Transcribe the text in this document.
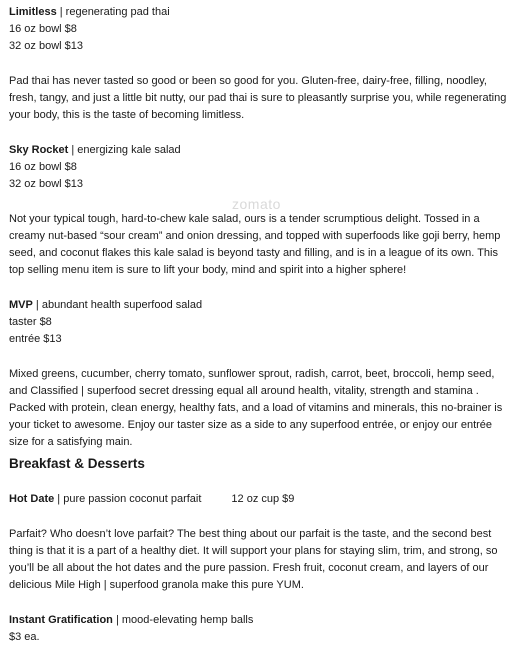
zomato
Limitless | regenerating pad thai
16 oz bowl $8
32 oz bowl $13

Pad thai has never tasted so good or been so good for you. Gluten-free, dairy-free, filling, noodley, fresh, tangy, and just a little bit nutty, our pad thai is sure to pleasantly surprise you, while regenerating your body, this is the taste of becoming limitless.

Sky Rocket | energizing kale salad
16 oz bowl $8
32 oz bowl $13

Not your typical tough, hard-to-chew kale salad, ours is a tender scrumptious delight. Tossed in a creamy nut-based “sour cream” and onion dressing, and topped with superfoods like goji berry, hemp seed, and coconut flakes this kale salad is beyond tasty and filling, and is in a league of its own. This top selling menu item is sure to lift your body, mind and spirit into a higher sphere!

MVP | abundant health superfood salad
taster $8
entrée $13

Mixed greens, cucumber, cherry tomato, sunflower sprout, radish, carrot, beet, broccoli, hemp seed, and Classified | superfood secret dressing equal all around health, vitality, strength and stamina . Packed with protein, clean energy, healthy fats, and a load of vitamins and minerals, this no-brainer is your ticket to awesome. Enjoy our taster size as a side to any superfood entrée, or enjoy our entrée size for a satisfying main.

Breakfast & Desserts
Hot Date | pure passion coconut parfait	12 oz cup $9

Parfait? Who doesn’t love parfait? The best thing about our parfait is the taste, and the second best thing is that it is a part of a healthy diet. It will support your plans for staying slim, trim, and strong, so you’ll be all about the hot dates and the pure passion. Fresh fruit, coconut cream, and layers of our delicious Mile High | superfood granola make this pure YUM.

Instant Gratification | mood-elevating hemp balls
$3 ea.
